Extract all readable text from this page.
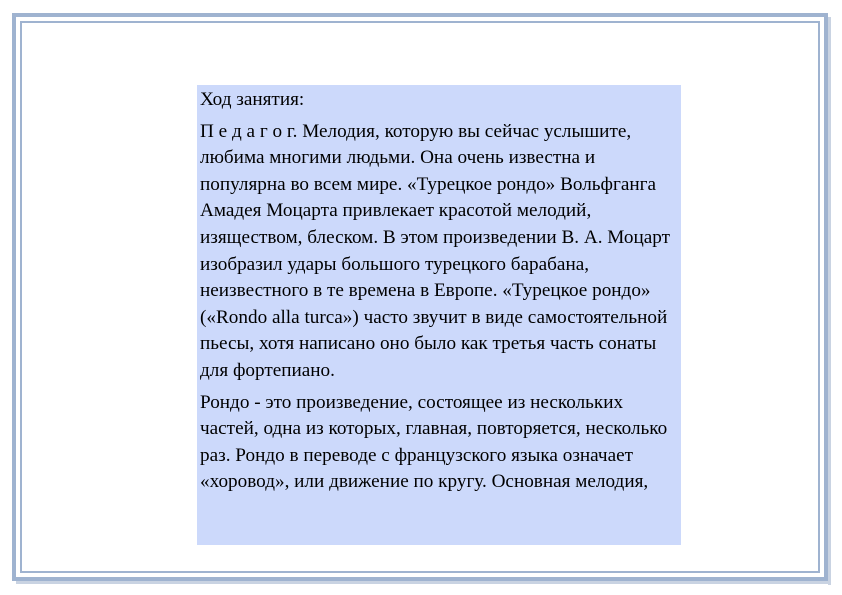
Ход занятия:

П е д а г о г. Мелодия, которую вы сейчас услышите, любима многими людьми. Она очень известна и популярна во всем мире. «Турецкое рондо» Вольфганга Амадея Моцарта привлекает красотой мелодий, изяществом, блеском. В этом произведении В. А. Моцарт изобразил удары большого турецкого барабана, неизвестного в те времена в Европе. «Турецкое рондо» («Rondo alla turca») часто звучит в виде самостоятельной пьесы, хотя написано оно было как третья часть сонаты для фортепиано.

Рондо - это произведение, состоящее из нескольких частей, одна из которых, главная, повторяется, несколько раз. Рондо в переводе с французского языка означает «хоровод», или движение по кругу. Основная мелодия,
